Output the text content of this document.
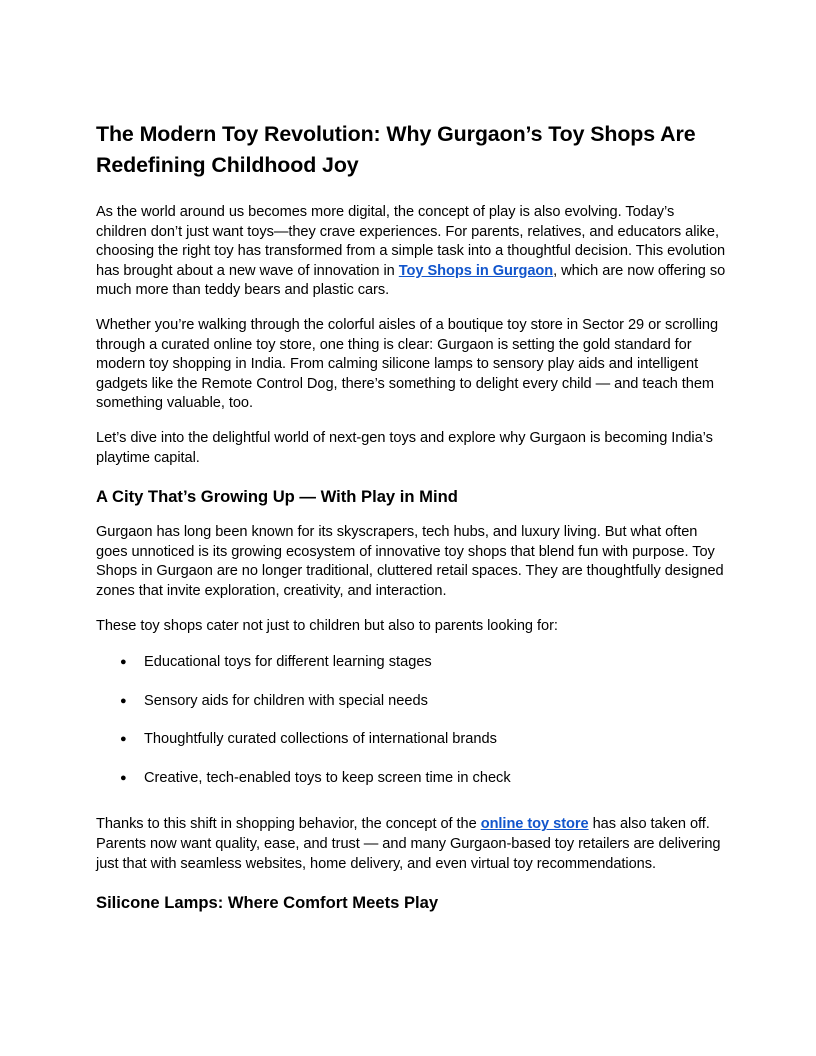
The Modern Toy Revolution: Why Gurgaon’s Toy Shops Are Redefining Childhood Joy

As the world around us becomes more digital, the concept of play is also evolving. Today’s children don’t just want toys—they crave experiences. For parents, relatives, and educators alike, choosing the right toy has transformed from a simple task into a thoughtful decision. This evolution has brought about a new wave of innovation in Toy Shops in Gurgaon, which are now offering so much more than teddy bears and plastic cars.

Whether you’re walking through the colorful aisles of a boutique toy store in Sector 29 or scrolling through a curated online toy store, one thing is clear: Gurgaon is setting the gold standard for modern toy shopping in India. From calming silicone lamps to sensory play aids and intelligent gadgets like the Remote Control Dog, there’s something to delight every child — and teach them something valuable, too.

Let’s dive into the delightful world of next-gen toys and explore why Gurgaon is becoming India’s playtime capital.

A City That’s Growing Up — With Play in Mind

Gurgaon has long been known for its skyscrapers, tech hubs, and luxury living. But what often goes unnoticed is its growing ecosystem of innovative toy shops that blend fun with purpose. Toy Shops in Gurgaon are no longer traditional, cluttered retail spaces. They are thoughtfully designed zones that invite exploration, creativity, and interaction.

These toy shops cater not just to children but also to parents looking for:

● Educational toys for different learning stages
● Sensory aids for children with special needs
● Thoughtfully curated collections of international brands
● Creative, tech-enabled toys to keep screen time in check

Thanks to this shift in shopping behavior, the concept of the online toy store has also taken off. Parents now want quality, ease, and trust — and many Gurgaon-based toy retailers are delivering just that with seamless websites, home delivery, and even virtual toy recommendations.

Silicone Lamps: Where Comfort Meets Play
